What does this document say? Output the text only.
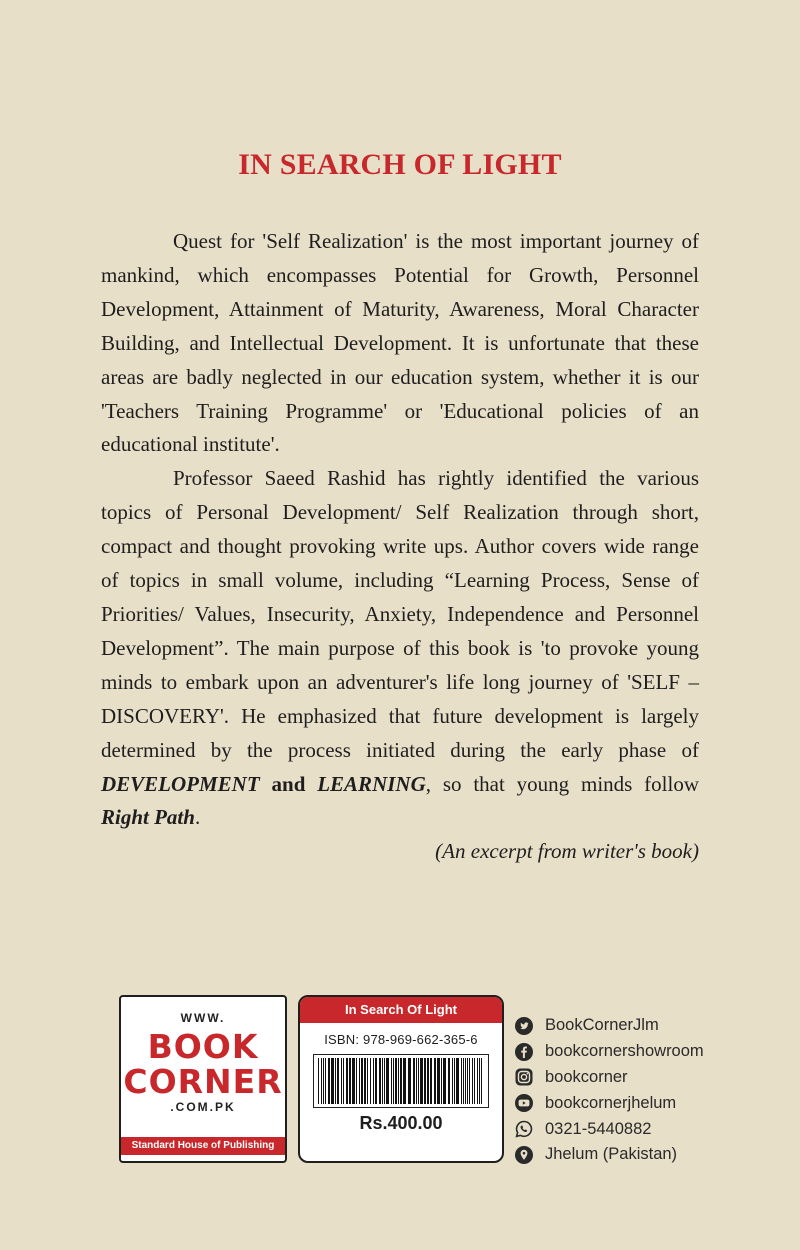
IN SEARCH OF LIGHT

Quest for 'Self Realization' is the most important journey of mankind, which encompasses Potential for Growth, Personnel Development, Attainment of Maturity, Awareness, Moral Character Building, and Intellectual Development. It is unfortunate that these areas are badly neglected in our education system, whether it is our 'Teachers Training Programme' or 'Educational policies of an educational institute'.

Professor Saeed Rashid has rightly identified the various topics of Personal Development/ Self Realization through short, compact and thought provoking write ups. Author covers wide range of topics in small volume, including “Learning Process, Sense of Priorities/ Values, Insecurity, Anxiety, Independence and Personnel Development”. The main purpose of this book is 'to provoke young minds to embark upon an adventurer's life long journey of 'SELF – DISCOVERY'. He emphasized that future development is largely determined by the process initiated during the early phase of DEVELOPMENT and LEARNING, so that young minds follow Right Path.

(An excerpt from writer's book)

WWW.
BOOK
CORNER
.COM.PK
Standard House of Publishing
In Search Of Light
ISBN: 978-969-662-365-6
Rs.400.00
BookCornerJlm
bookcornershowroom
bookcorner
bookcornerjhelum
0321-5440882
Jhelum (Pakistan)
